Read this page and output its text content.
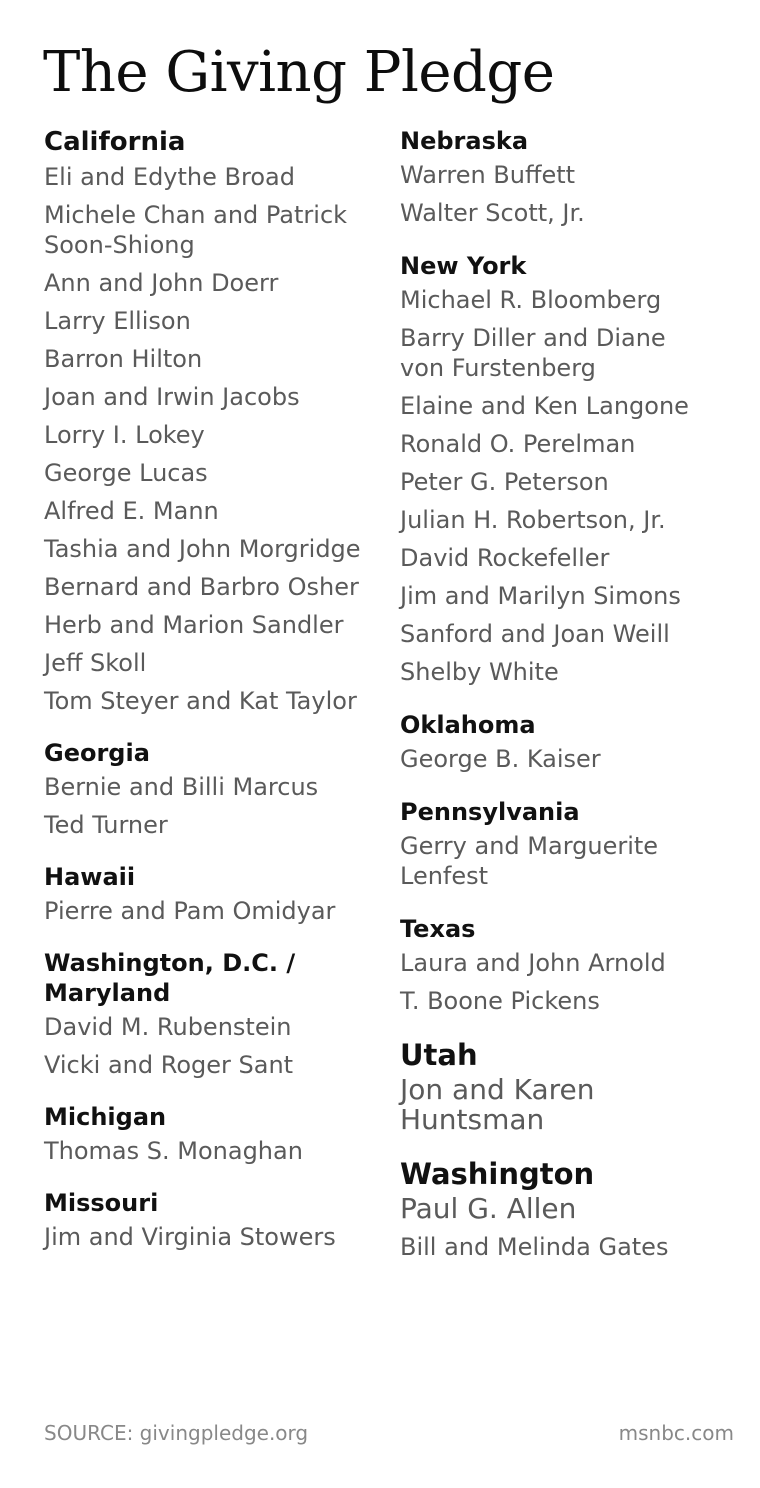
The Giving Pledge
California
Eli and Edythe Broad
Michele Chan and Patrick Soon-Shiong
Ann and John Doerr
Larry Ellison
Barron Hilton
Joan and Irwin Jacobs
Lorry I. Lokey
George Lucas
Alfred E. Mann
Tashia and John Morgridge
Bernard and Barbro Osher
Herb and Marion Sandler
Jeff Skoll
Tom Steyer and Kat Taylor
Georgia
Bernie and Billi Marcus
Ted Turner
Hawaii
Pierre and Pam Omidyar
Washington, D.C. / Maryland
David M. Rubenstein
Vicki and Roger Sant
Michigan
Thomas S. Monaghan
Missouri
Jim and Virginia Stowers
Nebraska
Warren Buffett
Walter Scott, Jr.
New York
Michael R. Bloomberg
Barry Diller and Diane von Furstenberg
Elaine and Ken Langone
Ronald O. Perelman
Peter G. Peterson
Julian H. Robertson, Jr.
David Rockefeller
Jim and Marilyn Simons
Sanford and Joan Weill
Shelby White
Oklahoma
George B. Kaiser
Pennsylvania
Gerry and Marguerite Lenfest
Texas
Laura and John Arnold
T. Boone Pickens
Utah
Jon and Karen Huntsman
Washington
Paul G. Allen
Bill and Melinda Gates
SOURCE: givingpledge.org	msnbc.com
